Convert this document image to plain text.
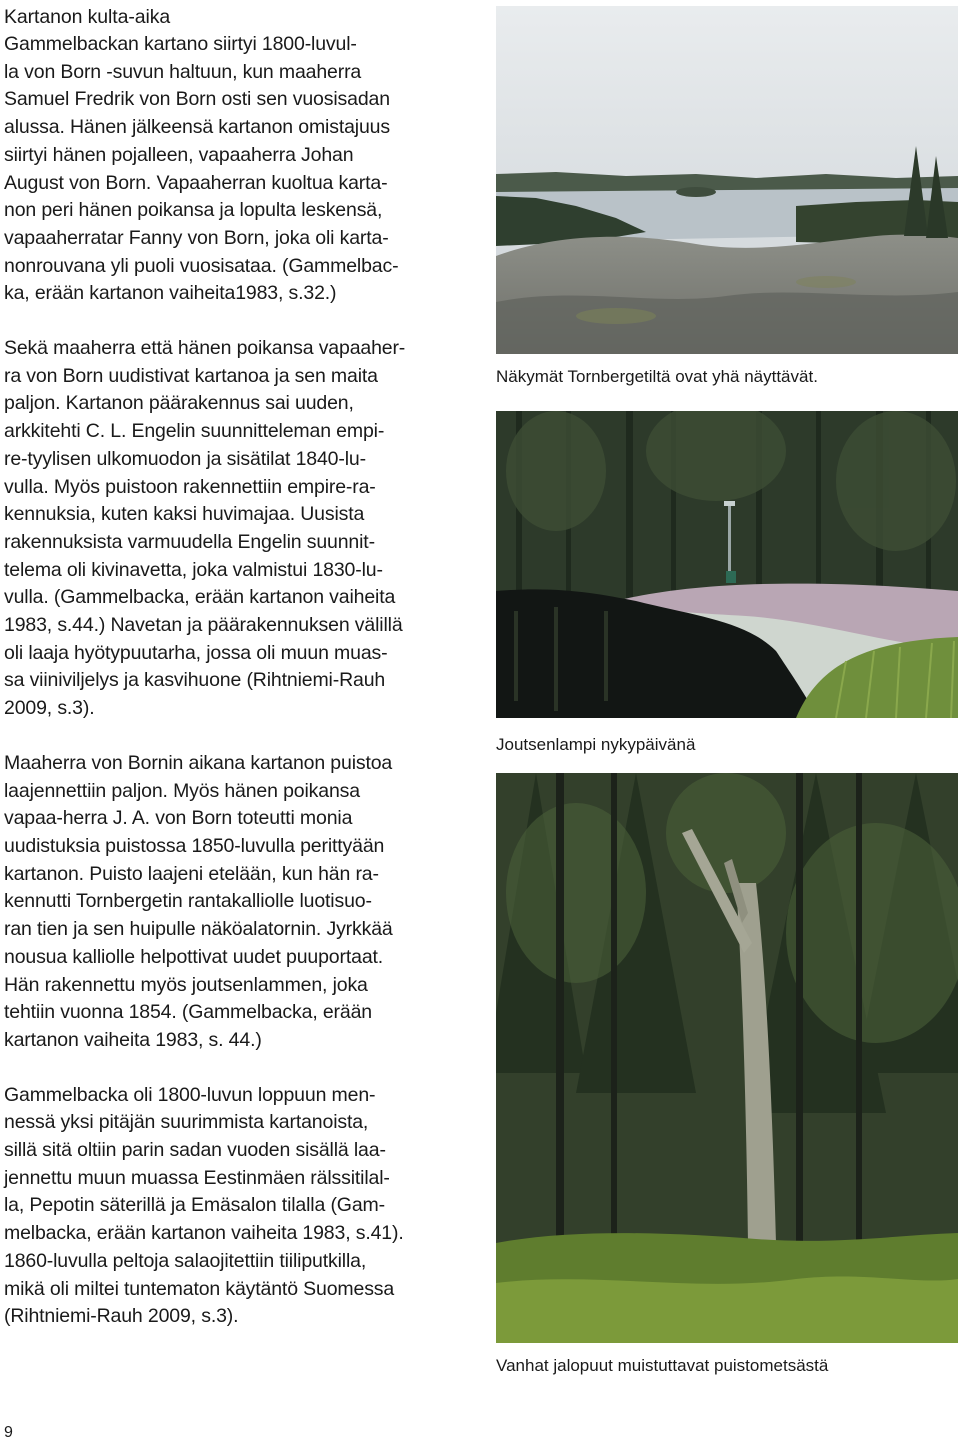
Kartanon kulta-aika

Gammelbackan kartano siirtyi 1800-luvul-
la von Born -suvun haltuun, kun maaherra
Samuel Fredrik von Born osti sen vuosisadan
alussa. Hänen jälkeensä kartanon omistajuus
siirtyi hänen pojalleen, vapaaherra Johan
August von Born. Vapaaherran kuoltua karta-
non peri hänen poikansa ja lopulta leskensä,
vapaaherratar Fanny von Born, joka oli karta-
nonrouvana yli puoli vuosisataa. (Gammelbac-
ka, erään kartanon vaiheita1983, s.32.)

Sekä maaherra että hänen poikansa vapaaher-
ra von Born uudistivat kartanoa ja sen maita
paljon. Kartanon päärakennus sai uuden,
arkkitehti C. L. Engelin suunnitteleman empi-
re-tyylisen ulkomuodon ja sisätilat 1840-lu-
vulla. Myös puistoon rakennettiin empire-ra-
kennuksia, kuten kaksi huvimajaa. Uusista
rakennuksista varmuudella Engelin suunnit-
telema oli kivinavetta, joka valmistui 1830-lu-
vulla. (Gammelbacka, erään kartanon vaiheita
1983, s.44.) Navetan ja päärakennuksen välillä
oli laaja hyötypuutarha, jossa oli muun muas-
sa viiniviljelys ja kasvihuone (Rihtniemi-Rauh
2009, s.3).

Maaherra von Bornin aikana kartanon puistoa
laajennettiin paljon. Myös hänen poikansa
vapaa-herra J. A. von Born toteutti monia
uudistuksia puistossa 1850-luvulla perittyään
kartanon. Puisto laajeni etelään, kun hän ra-
kennutti Tornbergetin rantakalliolle luotisuo-
ran tien ja sen huipulle näköalatornin. Jyrkkää
nousua kalliolle helpottivat uudet puuportaat.
Hän rakennettu myös joutsenlammen, joka
tehtiin vuonna 1854. (Gammelbacka, erään
kartanon vaiheita 1983, s. 44.)

Gammelbacka oli 1800-luvun loppuun men-
nessä yksi pitäjän suurimmista kartanoista,
sillä sitä oltiin parin sadan vuoden sisällä laa-
jennettu muun muassa Eestinmäen rälssitilal-
la, Pepotin säterillä ja Emäsalon tilalla (Gam-
melbacka, erään kartanon vaiheita 1983, s.41).
1860-luvulla peltoja salaojitettiin tiiliputkilla,
mikä oli miltei tuntematon käytäntö Suomessa
(Rihtniemi-Rauh 2009, s.3).

Näkymät Tornbergetiltä ovat yhä näyttävät.

Joutsenlampi nykypäivänä

Vanhat jalopuut muistuttavat puistometsästä

9
